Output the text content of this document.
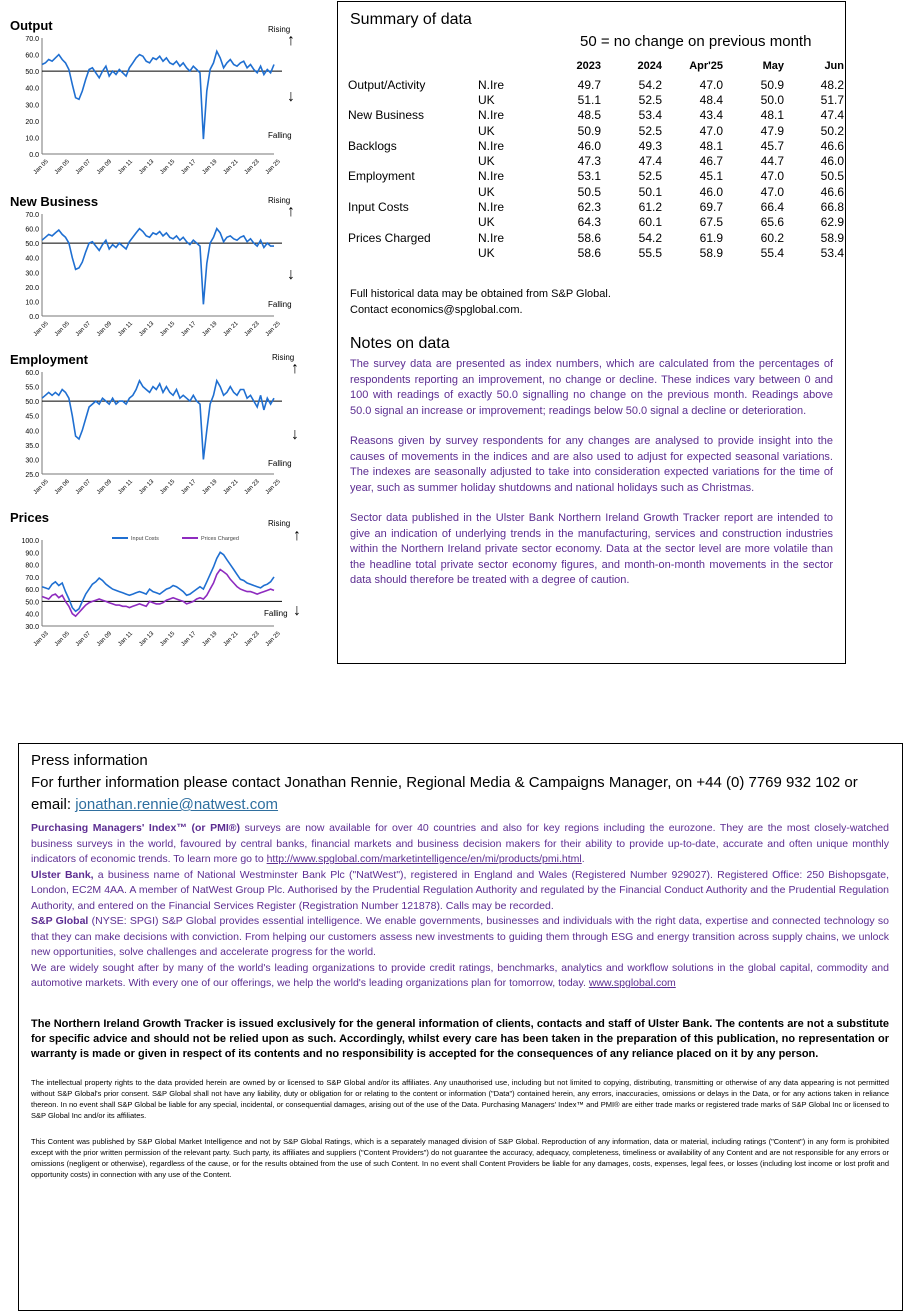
Output
70.0
60.0
50.0
40.0
30.0
20.0
10.0
0.0
Jan 05 Jan 05 Jan 07 Jan 09 Jan 11 Jan 13 Jan 15 Jan 17 Jan 19 Jan 21 Jan 23 Jan 25
Rising
↑
↓
Falling
New Business
70.0
60.0
50.0
40.0
30.0
20.0
10.0
0.0
Jan 05 Jan 05 Jan 07 Jan 09 Jan 11 Jan 13 Jan 15 Jan 17 Jan 19 Jan 21 Jan 23 Jan 25
Rising
↑
↓
Falling
Employment
60.0
55.0
50.0
45.0
40.0
35.0
30.0
25.0
Jan 05 Jan 06 Jan 07 Jan 09 Jan 11 Jan 13 Jan 15 Jan 17 Jan 19 Jan 21 Jan 23 Jan 25
Rising
↑
↓
Falling
Prices
100.0
90.0
80.0
70.0
60.0
50.0
40.0
30.0
Jan 03 Jan 05 Jan 07 Jan 09 Jan 11 Jan 13 Jan 15 Jan 17 Jan 19 Jan 21 Jan 23 Jan 25
Input Costs	Prices Charged
Rising
↑
↓
Falling
Summary of data
50 = no change on previous month
		2023	2024	Apr'25	May	Jun
Output/Activity	N.Ire	49.7	54.2	47.0	50.9	48.2
	UK	51.1	52.5	48.4	50.0	51.7
New Business	N.Ire	48.5	53.4	43.4	48.1	47.4
	UK	50.9	52.5	47.0	47.9	50.2
Backlogs	N.Ire	46.0	49.3	48.1	45.7	46.6
	UK	47.3	47.4	46.7	44.7	46.0
Employment	N.Ire	53.1	52.5	45.1	47.0	50.5
	UK	50.5	50.1	46.0	47.0	46.6
Input Costs	N.Ire	62.3	61.2	69.7	66.4	66.8
	UK	64.3	60.1	67.5	65.6	62.9
Prices Charged	N.Ire	58.6	54.2	61.9	60.2	58.9
	UK	58.6	55.5	58.9	55.4	53.4
Full historical data may be obtained from S&P Global.
Contact economics@spglobal.com.
Notes on data

The survey data are presented as index numbers, which are calculated from the percentages of respondents reporting an improvement, no change or decline. These indices vary between 0 and 100 with readings of exactly 50.0 signalling no change on the previous month. Readings above 50.0 signal an increase or improvement; readings below 50.0 signal a decline or deterioration.

Reasons given by survey respondents for any changes are analysed to provide insight into the causes of movements in the indices and are also used to adjust for expected seasonal variations. The indexes are seasonally adjusted to take into consideration expected variations for the time of year, such as summer holiday shutdowns and national holidays such as Christmas.

Sector data published in the Ulster Bank Northern Ireland Growth Tracker report are intended to give an indication of underlying trends in the manufacturing, services and construction industries within the Northern Ireland private sector economy. Data at the sector level are more volatile than the headline total private sector economy figures, and month-on-month movements in the sector data should therefore be treated with a degree of caution.

Press information
For further information please contact Jonathan Rennie, Regional Media & Campaigns Manager, on +44 (0) 7769 932 102 or email: jonathan.rennie@natwest.com

Purchasing Managers' Index™ (or PMI®) surveys are now available for over 40 countries and also for key regions including the eurozone. They are the most closely-watched business surveys in the world, favoured by central banks, financial markets and business decision makers for their ability to provide up-to-date, accurate and often unique monthly indicators of economic trends. To learn more go to http://www.spglobal.com/marketintelligence/en/mi/products/pmi.html.

Ulster Bank, a business name of National Westminster Bank Plc ("NatWest"), registered in England and Wales (Registered Number 929027). Registered Office: 250 Bishopsgate, London, EC2M 4AA. A member of NatWest Group Plc. Authorised by the Prudential Regulation Authority and regulated by the Financial Conduct Authority and the Prudential Regulation Authority, and entered on the Financial Services Register (Registration Number 121878). Calls may be recorded.

S&P Global (NYSE: SPGI) S&P Global provides essential intelligence. We enable governments, businesses and individuals with the right data, expertise and connected technology so that they can make decisions with conviction. From helping our customers assess new investments to guiding them through ESG and energy transition across supply chains, we unlock new opportunities, solve challenges and accelerate progress for the world.

We are widely sought after by many of the world's leading organizations to provide credit ratings, benchmarks, analytics and workflow solutions in the global capital, commodity and automotive markets. With every one of our offerings, we help the world's leading organizations plan for tomorrow, today. www.spglobal.com

The Northern Ireland Growth Tracker is issued exclusively for the general information of clients, contacts and staff of Ulster Bank. The contents are not a substitute for specific advice and should not be relied upon as such. Accordingly, whilst every care has been taken in the preparation of this publication, no representation or warranty is made or given in respect of its contents and no responsibility is accepted for the consequences of any reliance placed on it by any person.
The intellectual property rights to the data provided herein are owned by or licensed to S&P Global and/or its affiliates. Any unauthorised use, including but not limited to copying, distributing, transmitting or otherwise of any data appearing is not permitted without S&P Global's prior consent. S&P Global shall not have any liability, duty or obligation for or relating to the content or information ("Data") contained herein, any errors, inaccuracies, omissions or delays in the Data, or for any actions taken in reliance thereon. In no event shall S&P Global be liable for any special, incidental, or consequential damages, arising out of the use of the Data. Purchasing Managers' Index™ and PMI® are either trade marks or registered trade marks of S&P Global Inc or licensed to S&P Global Inc and/or its affiliates.
This Content was published by S&P Global Market Intelligence and not by S&P Global Ratings, which is a separately managed division of S&P Global. Reproduction of any information, data or material, including ratings ("Content") in any form is prohibited except with the prior written permission of the relevant party. Such party, its affiliates and suppliers ("Content Providers") do not guarantee the accuracy, adequacy, completeness, timeliness or availability of any Content and are not responsible for any errors or omissions (negligent or otherwise), regardless of the cause, or for the results obtained from the use of such Content. In no event shall Content Providers be liable for any damages, costs, expenses, legal fees, or losses (including lost income or lost profit and opportunity costs) in connection with any use of the Content.
